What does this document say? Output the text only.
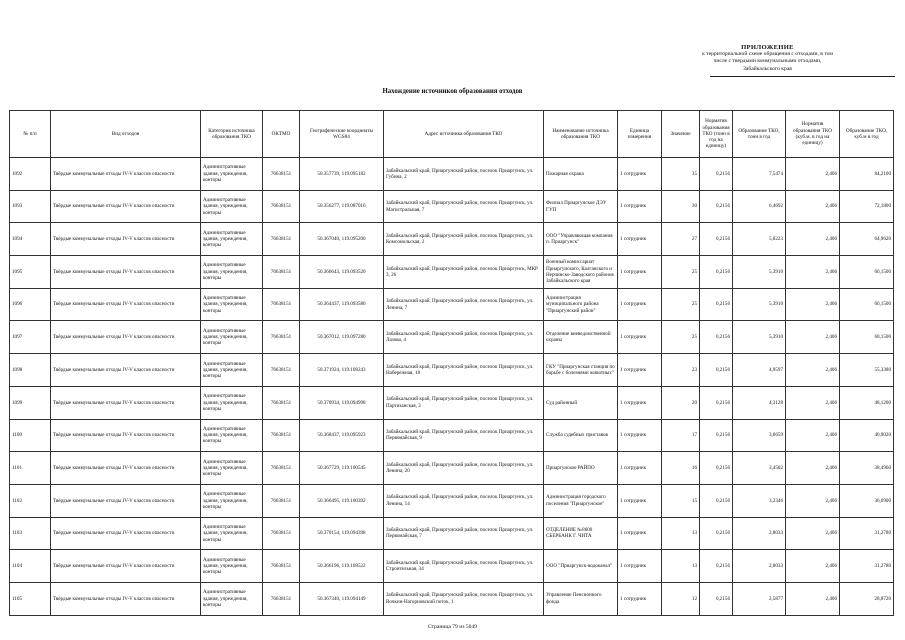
ПРИЛОЖЕНИЕ
к территориальной схеме обращения с отходами, в том
числе с твердыми коммунальными отходами,
Забайкальского края
Нахождение источников образования отходов
№ п/п	Вид отходов	Категория источника образования ТКО	ОКТМО	Географические координаты WGS84	Адрес источника образования ТКО	Наименование источника образования ТКО	Единица измерения	Значение	Норматив образования ТКО (тонн в год на единицу)	Образование ТКО, тонн в год	Норматив образования ТКО (куб.м. в год на единицу)	Образование ТКО, куб.м в год
1092	Твёрдые коммунальные отходы IV-V классов опасности	Административные здания, учреждения, конторы	76638151	50.357739, 119.095182	Забайкальский край, Приаргунский район, поселок Приаргунск, ул. Губина, 2	Пожарная охрана	1 сотрудник	35	0,2156	7,5474	2,406	84,2100
1093	Твёрдые коммунальные отходы IV-V классов опасности	Административные здания, учреждения, конторы	76638151	50.356277, 119.087016	Забайкальский край, Приаргунский район, поселок Приаргунск, ул. Магистральная, 7	Филиал Приаргунское ДЭУ ГУП	1 сотрудник	30	0,2156	6,4692	2,406	72,1800
1094	Твёрдые коммунальные отходы IV-V классов опасности	Административные здания, учреждения, конторы	76638151	50.367040, 119.095200	Забайкальский край, Приаргунский район, поселок Приаргунск, ул. Комсомольская, 2	ООО "Управляющая компания п. Приаргунск"	1 сотрудник	27	0,2156	5,8223	2,406	64,9620
1095	Твёрдые коммунальные отходы IV-V классов опасности	Административные здания, учреждения, конторы	76638151	50.366643, 119.093520	Забайкальский край, Приаргунский район, поселок Приаргунск, МКР 3, 26	Военный комиссариат Приаргунского, Калганского и Нерчинско-Заводского районов Забайкальского края	1 сотрудник	25	0,2156	5,3910	2,406	60,1500
1096	Твёрдые коммунальные отходы IV-V классов опасности	Административные здания, учреждения, конторы	76638151	50.364437, 119.093580	Забайкальский край, Приаргунский район, поселок Приаргунск, ул. Ленина, 7	Администрация муниципального района "Приаргунский район"	1 сотрудник	25	0,2156	5,3910	2,406	60,1500
1097	Твёрдые коммунальные отходы IV-V классов опасности	Административные здания, учреждения, конторы	76638151	50.367012, 119.097280	Забайкальский край, Приаргунский район, поселок Приаргунск, ул. Лазова, 4	Отделение вневедомственной охраны	1 сотрудник	25	0,2156	5,3910	2,406	60,1500
1098	Твёрдые коммунальные отходы IV-V классов опасности	Административные здания, учреждения, конторы	76638151	50.371924, 119.108243	Забайкальский край, Приаргунский район, поселок Приаргунск, ул. Набережная, 18	ГКУ "Приаргунская станция по борьбе с болезнями животных"	1 сотрудник	23	0,2156	4,9597	2,406	55,3380
1099	Твёрдые коммунальные отходы IV-V классов опасности	Административные здания, учреждения, конторы	76638151	50.370934, 119.094998	Забайкальский край, Приаргунский район, поселок Приаргунск, ул. Партизанская, 3	Суд районный	1 сотрудник	20	0,2156	4,3128	2,406	48,1200
1100	Твёрдые коммунальные отходы IV-V классов опасности	Административные здания, учреждения, конторы	76638151	50.368437, 119.095923	Забайкальский край, Приаргунский район, поселок Приаргунск, ул. Первомайская, 9	Служба судебных приставов	1 сотрудник	17	0,2156	3,6659	2,406	40,9020
1101	Твёрдые коммунальные отходы IV-V классов опасности	Административные здания, учреждения, конторы	76638151	50.367729, 119.100545	Забайкальский край, Приаргунский район, поселок Приаргунск, ул. Ленина, 20	Приаргунское РАЙПО	1 сотрудник	16	0,2156	3,4502	2,406	38,4960
1102	Твёрдые коммунальные отходы IV-V классов опасности	Административные здания, учреждения, конторы	76638151	50.366495, 119.100392	Забайкальский край, Приаргунский район, поселок Приаргунск, ул. Ленина, 14	Администрация городского поселения "Приаргунское"	1 сотрудник	15	0,2156	3,2346	2,406	36,0900
1103	Твёрдые коммунальные отходы IV-V классов опасности	Административные здания, учреждения, конторы	76638151	50.370154, 119.094398	Забайкальский край, Приаргунский район, поселок Приаргунск, ул. Первомайская, 7	ОТДЕЛЕНИЕ №8600 СБЕРБАНК Г. ЧИТА	1 сотрудник	13	0,2156	2,8033	2,406	31,2780
1104	Твёрдые коммунальные отходы IV-V классов опасности	Административные здания, учреждения, конторы	76638151	50.366196, 119.108522	Забайкальский край, Приаргунский район, поселок Приаргунск, ул. Строительная, 34	ООО "Приаргунск-водоканал"	1 сотрудник	13	0,2156	2,8033	2,406	31,2780
1105	Твёрдые коммунальные отходы IV-V классов опасности	Административные здания, учреждения, конторы	76638151	50.367340, 119.094149	Забайкальский край, Приаргунский район, поселок Приаргунск, ул. Вочкин-Нагорновский поток, 1	Управление Пенсионного фонда	1 сотрудник	12	0,2156	2,5877	2,406	28,8720
Страница 79 из 5049
